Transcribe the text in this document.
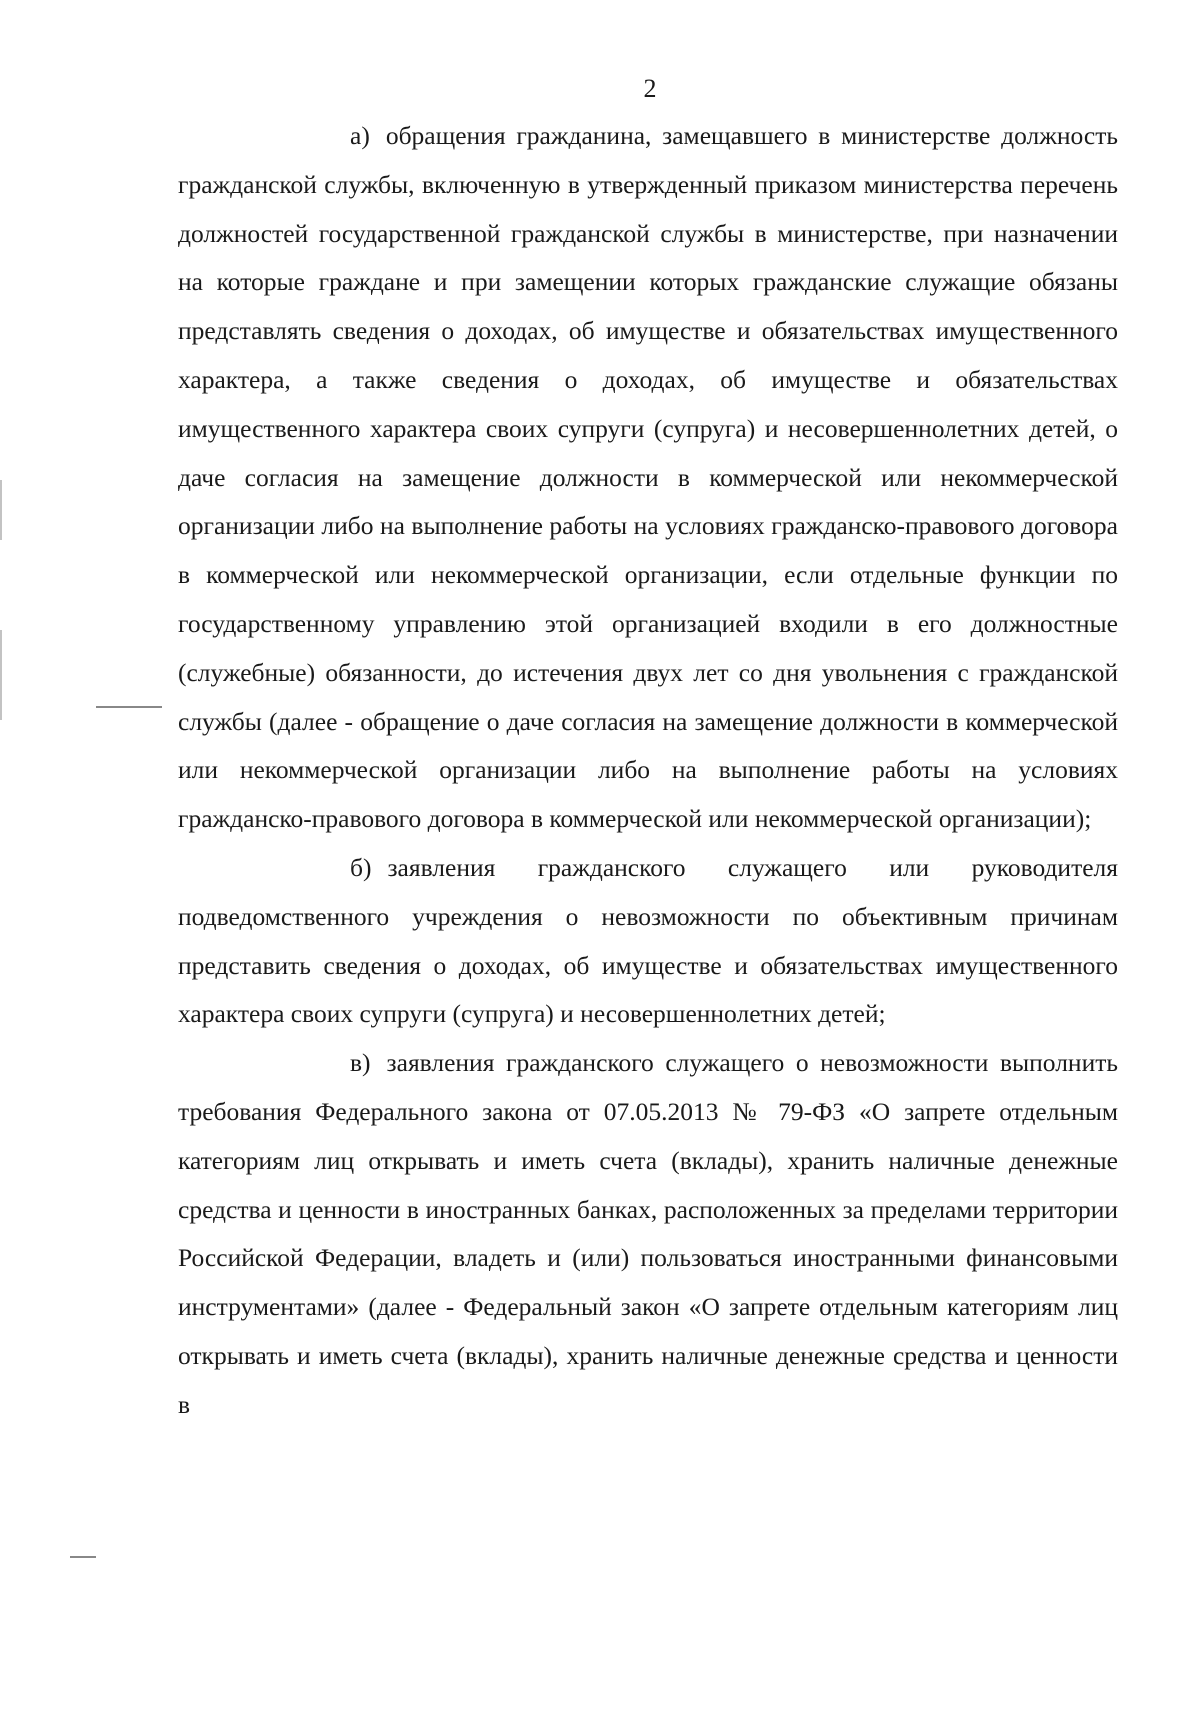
2

а) обращения гражданина, замещавшего в министерстве должность гражданской службы, включенную в утвержденный приказом министерства перечень должностей государственной гражданской службы в министерстве, при назначении на которые граждане и при замещении которых гражданские служащие обязаны представлять сведения о доходах, об имуществе и обязательствах имущественного характера, а также сведения о доходах, об имуществе и обязательствах имущественного характера своих супруги (супруга) и несовершеннолетних детей, о даче согласия на замещение должности в коммерческой или некоммерческой организации либо на выполнение работы на условиях гражданско-правового договора в коммерческой или некоммерческой организации, если отдельные функции по государственному управлению этой организацией входили в его должностные (служебные) обязанности, до истечения двух лет со дня увольнения с гражданской службы (далее - обращение о даче согласия на замещение должности в коммерческой или некоммерческой организации либо на выполнение работы на условиях гражданско-правового договора в коммерческой или некоммерческой организации);

б) заявления гражданского служащего или руководителя подведомственного учреждения о невозможности по объективным причинам представить сведения о доходах, об имуществе и обязательствах имущественного характера своих супруги (супруга) и несовершеннолетних детей;

в) заявления гражданского служащего о невозможности выполнить требования Федерального закона от 07.05.2013 № 79-ФЗ «О запрете отдельным категориям лиц открывать и иметь счета (вклады), хранить наличные денежные средства и ценности в иностранных банках, расположенных за пределами территории Российской Федерации, владеть и (или) пользоваться иностранными финансовыми инструментами» (далее - Федеральный закон «О запрете отдельным категориям лиц открывать и иметь счета (вклады), хранить наличные денежные средства и ценности в
